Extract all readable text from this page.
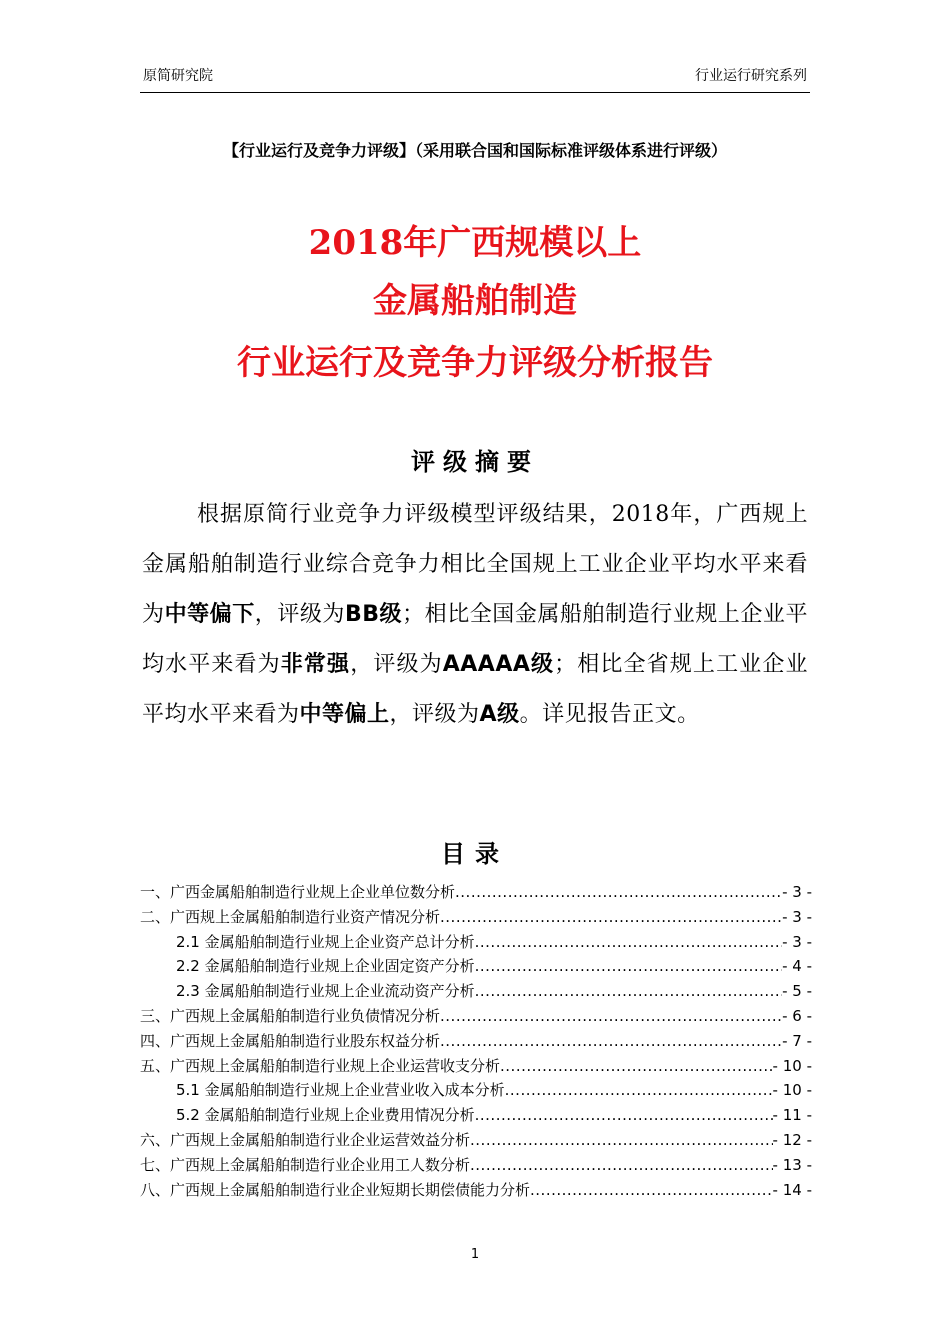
原简研究院	行业运行研究系列
【行业运行及竞争力评级】（采用联合国和国际标准评级体系进行评级）
2018年广西规模以上
金属船舶制造
行业运行及竞争力评级分析报告
评级摘要
根据原简行业竞争力评级模型评级结果，2018年，广西规上金属船舶制造行业综合竞争力相比全国规上工业企业平均水平来看为中等偏下，评级为BB级；相比全国金属船舶制造行业规上企业平均水平来看为非常强，评级为AAAAA级；相比全省规上工业企业平均水平来看为中等偏上，评级为A级。详见报告正文。
目录
一、广西金属船舶制造行业规上企业单位数分析 .....	- 3 -
二、广西规上金属船舶制造行业资产情况分析 .....	- 3 -
2.1 金属船舶制造行业规上企业资产总计分析 .....	- 3 -
2.2 金属船舶制造行业规上企业固定资产分析 .....	- 4 -
2.3 金属船舶制造行业规上企业流动资产分析 .....	- 5 -
三、广西规上金属船舶制造行业负债情况分析 .....	- 6 -
四、广西规上金属船舶制造行业股东权益分析 .....	- 7 -
五、广西规上金属船舶制造行业规上企业运营收支分析 .....	- 10 -
5.1 金属船舶制造行业规上企业营业收入成本分析 .....	- 10 -
5.2 金属船舶制造行业规上企业费用情况分析 .....	- 11 -
六、广西规上金属船舶制造行业企业运营效益分析 .....	- 12 -
七、广西规上金属船舶制造行业企业用工人数分析 .....	- 13 -
八、广西规上金属船舶制造行业企业短期长期偿债能力分析 .....	- 14 -
1
